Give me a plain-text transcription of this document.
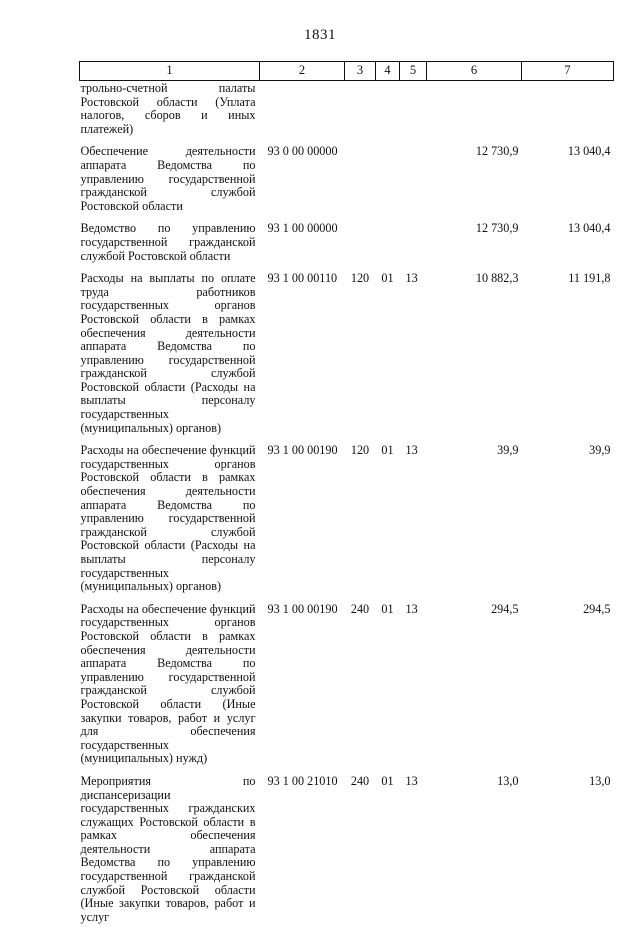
1831
1	2	3	4	5	6	7
трольно-счетной палаты Ростовской области (Уплата налогов, сборов и иных платежей)						
Обеспечение деятельности аппарата Ведомства по управлению государственной гражданской службой Ростовской области	93 0 00 00000				12 730,9	13 040,4
Ведомство по управлению государственной гражданской службой Ростовской области	93 1 00 00000				12 730,9	13 040,4
Расходы на выплаты по оплате труда работников государственных органов Ростовской области в рамках обеспечения деятельности аппарата Ведомства по управлению государственной гражданской службой Ростовской области (Расходы на выплаты персоналу государственных (муниципальных) органов)	93 1 00 00110	120	01	13	10 882,3	11 191,8
Расходы на обеспечение функций государственных органов Ростовской области в рамках обеспечения деятельности аппарата Ведомства по управлению государственной гражданской службой Ростовской области (Расходы на выплаты персоналу государственных (муниципальных) органов)	93 1 00 00190	120	01	13	39,9	39,9
Расходы на обеспечение функций государственных органов Ростовской области в рамках обеспечения деятельности аппарата Ведомства по управлению государственной гражданской службой Ростовской области (Иные закупки товаров, работ и услуг для обеспечения государственных (муниципальных) нужд)	93 1 00 00190	240	01	13	294,5	294,5
Мероприятия по диспансеризации государственных гражданских служащих Ростовской области в рамках обеспечения деятельности аппарата Ведомства по управлению государственной гражданской службой Ростовской области (Иные закупки товаров, работ и услуг	93 1 00 21010	240	01	13	13,0	13,0
